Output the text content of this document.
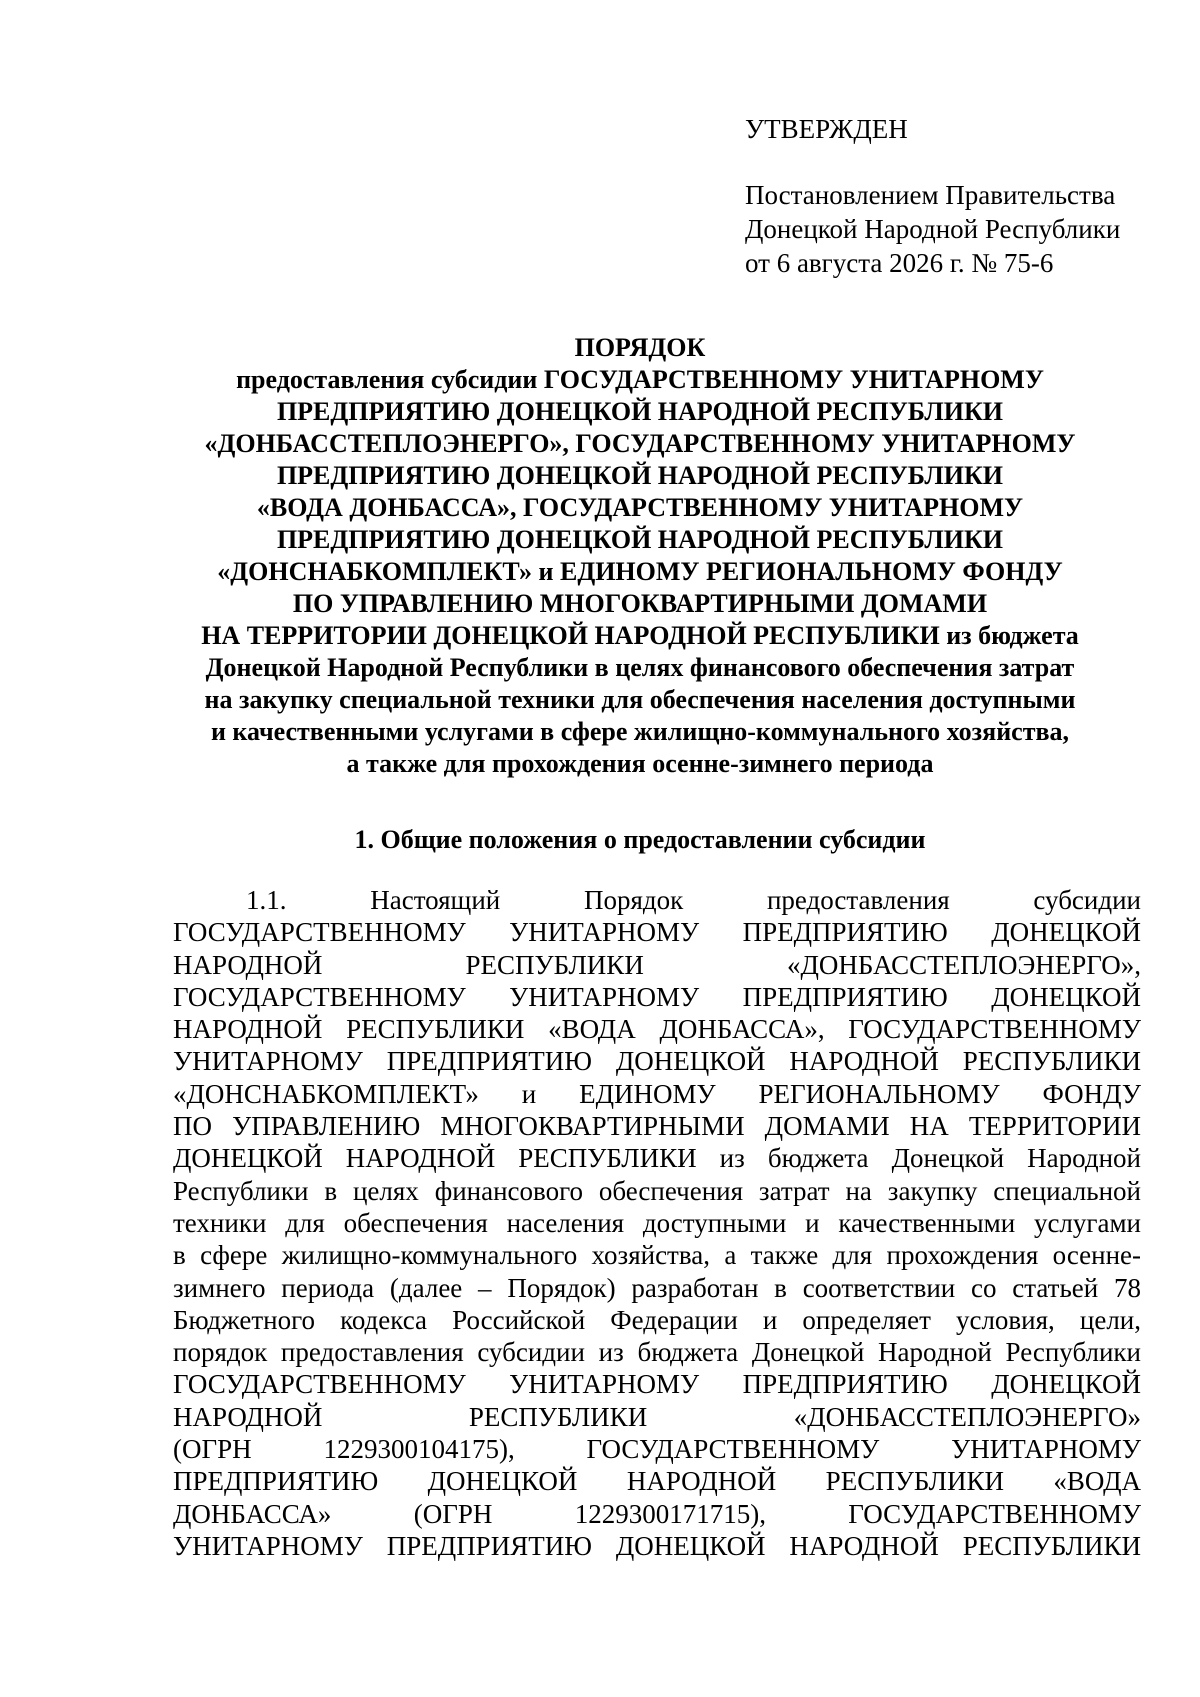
УТВЕРЖДЕН
Постановлением Правительства
Донецкой Народной Республики
от 6 августа 2026 г. № 75-6
ПОРЯДОК
предоставления субсидии ГОСУДАРСТВЕННОМУ УНИТАРНОМУ
ПРЕДПРИЯТИЮ ДОНЕЦКОЙ НАРОДНОЙ РЕСПУБЛИКИ
«ДОНБАССТЕПЛОЭНЕРГО», ГОСУДАРСТВЕННОМУ УНИТАРНОМУ
ПРЕДПРИЯТИЮ ДОНЕЦКОЙ НАРОДНОЙ РЕСПУБЛИКИ
«ВОДА ДОНБАССА», ГОСУДАРСТВЕННОМУ УНИТАРНОМУ
ПРЕДПРИЯТИЮ ДОНЕЦКОЙ НАРОДНОЙ РЕСПУБЛИКИ
«ДОНСНАБКОМПЛЕКТ» и ЕДИНОМУ РЕГИОНАЛЬНОМУ ФОНДУ
ПО УПРАВЛЕНИЮ МНОГОКВАРТИРНЫМИ ДОМАМИ
НА ТЕРРИТОРИИ ДОНЕЦКОЙ НАРОДНОЙ РЕСПУБЛИКИ из бюджета
Донецкой Народной Республики в целях финансового обеспечения затрат
на закупку специальной техники для обеспечения населения доступными
и качественными услугами в сфере жилищно-коммунального хозяйства,
а также для прохождения осенне-зимнего периода
1. Общие положения о предоставлении субсидии
1.1. Настоящий Порядок предоставления субсидии
ГОСУДАРСТВЕННОМУ УНИТАРНОМУ ПРЕДПРИЯТИЮ ДОНЕЦКОЙ
НАРОДНОЙ РЕСПУБЛИКИ «ДОНБАССТЕПЛОЭНЕРГО»,
ГОСУДАРСТВЕННОМУ УНИТАРНОМУ ПРЕДПРИЯТИЮ ДОНЕЦКОЙ
НАРОДНОЙ РЕСПУБЛИКИ «ВОДА ДОНБАССА», ГОСУДАРСТВЕННОМУ
УНИТАРНОМУ ПРЕДПРИЯТИЮ ДОНЕЦКОЙ НАРОДНОЙ РЕСПУБЛИКИ
«ДОНСНАБКОМПЛЕКТ» и ЕДИНОМУ РЕГИОНАЛЬНОМУ ФОНДУ
ПО УПРАВЛЕНИЮ МНОГОКВАРТИРНЫМИ ДОМАМИ НА ТЕРРИТОРИИ
ДОНЕЦКОЙ НАРОДНОЙ РЕСПУБЛИКИ из бюджета Донецкой Народной
Республики в целях финансового обеспечения затрат на закупку специальной
техники для обеспечения населения доступными и качественными услугами
в сфере жилищно-коммунального хозяйства, а также для прохождения осенне-
зимнего периода (далее – Порядок) разработан в соответствии со статьей 78
Бюджетного кодекса Российской Федерации и определяет условия, цели,
порядок предоставления субсидии из бюджета Донецкой Народной Республики
ГОСУДАРСТВЕННОМУ УНИТАРНОМУ ПРЕДПРИЯТИЮ ДОНЕЦКОЙ
НАРОДНОЙ РЕСПУБЛИКИ «ДОНБАССТЕПЛОЭНЕРГО»
(ОГРН 1229300104175), ГОСУДАРСТВЕННОМУ УНИТАРНОМУ
ПРЕДПРИЯТИЮ ДОНЕЦКОЙ НАРОДНОЙ РЕСПУБЛИКИ «ВОДА
ДОНБАССА» (ОГРН 1229300171715), ГОСУДАРСТВЕННОМУ
УНИТАРНОМУ ПРЕДПРИЯТИЮ ДОНЕЦКОЙ НАРОДНОЙ РЕСПУБЛИКИ
